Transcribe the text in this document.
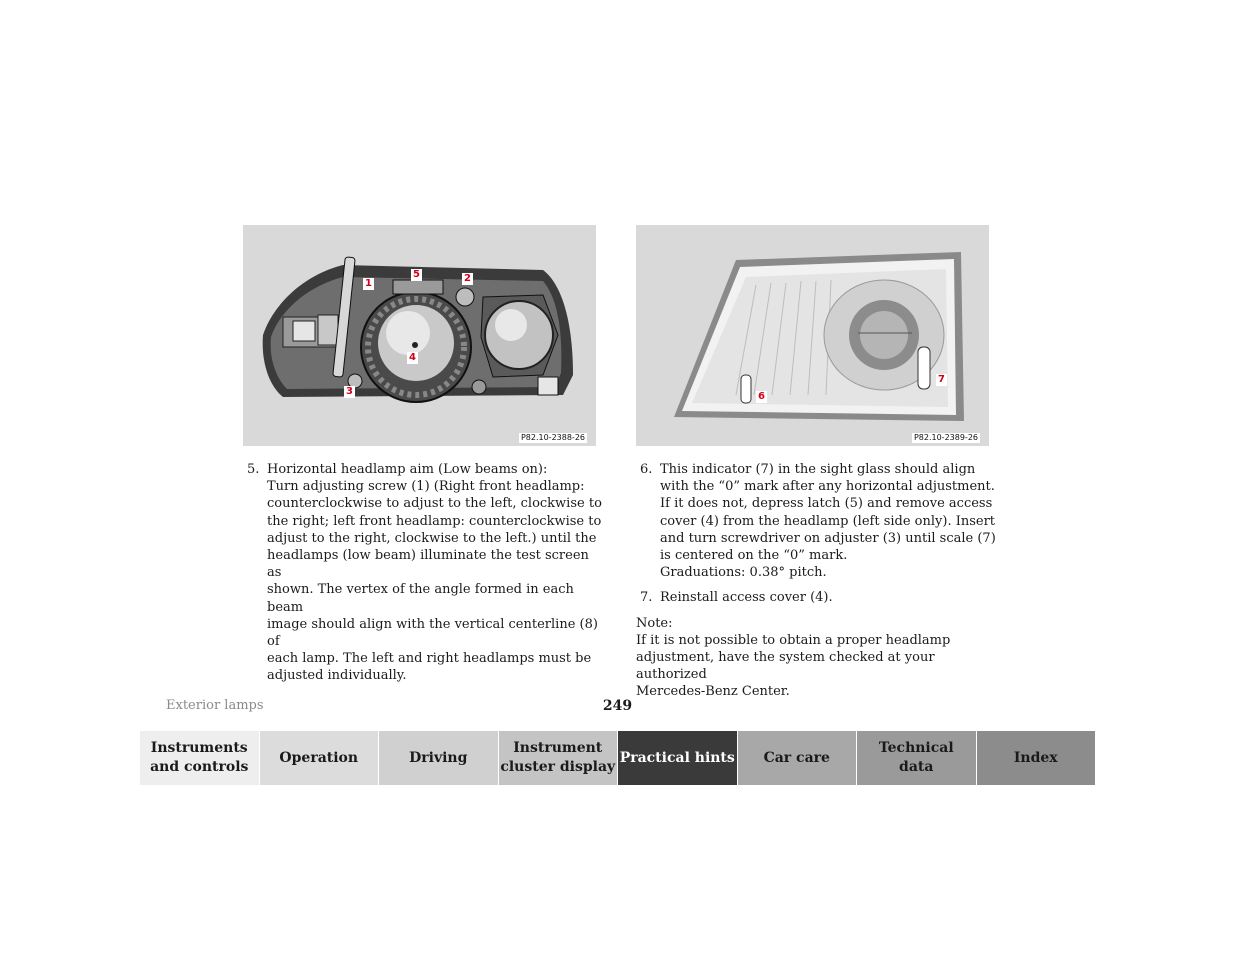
1
5	2
4
3
P82.10-2388-26
6
7
P82.10-2389-26
5. Horizontal headlamp aim (Low beams on):
Turn adjusting screw (1) (Right front headlamp:
counterclockwise to adjust to the left, clockwise to
the right; left front headlamp: counterclockwise to
adjust to the right, clockwise to the left.) until the
headlamps (low beam) illuminate the test screen as
shown. The vertex of the angle formed in each beam
image should align with the vertical centerline (8) of
each lamp. The left and right headlamps must be
adjusted individually.
6. This indicator (7) in the sight glass should align
with the “0” mark after any horizontal adjustment.
If it does not, depress latch (5) and remove access
cover (4) from the headlamp (left side only). Insert
and turn screwdriver on adjuster (3) until scale (7)
is centered on the “0” mark.
Graduations: 0.38° pitch.
7. Reinstall access cover (4).
Note:
If it is not possible to obtain a proper headlamp
adjustment, have the system checked at your authorized
Mercedes-Benz Center.
Exterior lamps	249
Instruments
and controls
Operation	Driving
Instrument
cluster display
Practical hints Car care
Technical
data
Index
